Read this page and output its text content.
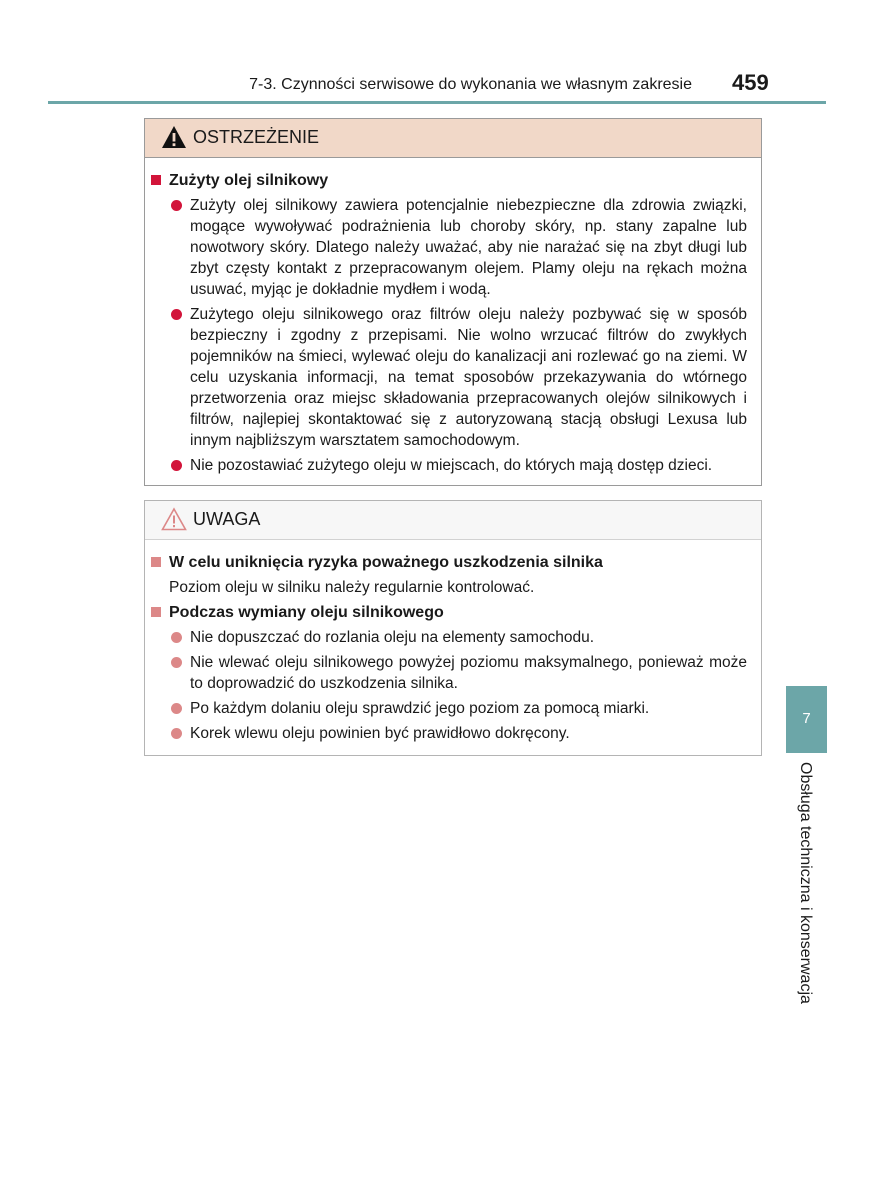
7-3. Czynności serwisowe do wykonania we własnym zakresie 459
OSTRZEŻENIE
Zużyty olej silnikowy
Zużyty olej silnikowy zawiera potencjalnie niebezpieczne dla zdrowia związki, mogące wywoływać podrażnienia lub choroby skóry, np. stany zapalne lub nowotwory skóry. Dlatego należy uważać, aby nie narażać się na zbyt długi lub zbyt częsty kontakt z przepracowanym olejem. Plamy oleju na rękach można usuwać, myjąc je dokładnie mydłem i wodą.
Zużytego oleju silnikowego oraz filtrów oleju należy pozbywać się w sposób bezpieczny i zgodny z przepisami. Nie wolno wrzucać filtrów do zwykłych pojemników na śmieci, wylewać oleju do kanalizacji ani rozlewać go na ziemi. W celu uzyskania informacji, na temat sposobów przekazywania do wtórnego przetworzenia oraz miejsc składowania przepracowanych olejów silnikowych i filtrów, najlepiej skontaktować się z autoryzowaną stacją obsługi Lexusa lub innym najbliższym warsztatem samochodowym.
Nie pozostawiać zużytego oleju w miejscach, do których mają dostęp dzieci.
UWAGA
W celu uniknięcia ryzyka poważnego uszkodzenia silnika
Poziom oleju w silniku należy regularnie kontrolować.
Podczas wymiany oleju silnikowego
Nie dopuszczać do rozlania oleju na elementy samochodu.
Nie wlewać oleju silnikowego powyżej poziomu maksymalnego, ponieważ może to doprowadzić do uszkodzenia silnika.
Po każdym dolaniu oleju sprawdzić jego poziom za pomocą miarki.
Korek wlewu oleju powinien być prawidłowo dokręcony.
7
Obsługa techniczna i konserwacja
